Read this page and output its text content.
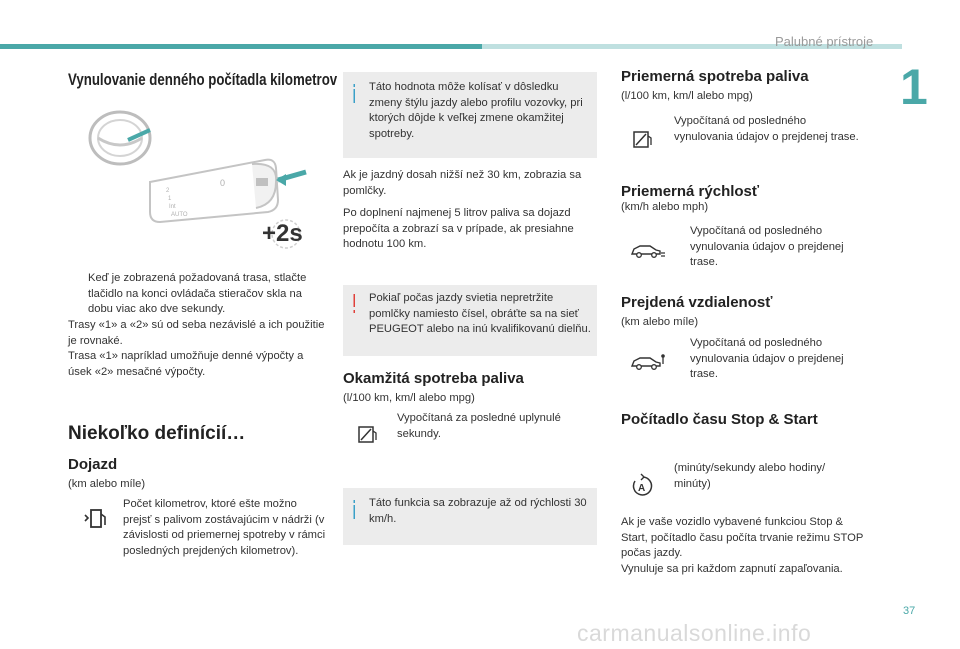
Palubné prístroje
1
Vynulovanie denného počítadla kilometrov
2
1
Int
AUTO
0
+2s
Keď je zobrazená požadovaná trasa, stlačte tlačidlo na konci ovládača stieračov skla na dobu viac ako dve sekundy.
Trasy «1» a «2» sú od seba nezávislé a ich použitie je rovnaké.
Trasa «1» napríklad umožňuje denné výpočty a úsek «2» mesačné výpočty.
Niekoľko definícií…
Dojazd
(km alebo míle)
Počet kilometrov, ktoré ešte možno prejsť s palivom zostávajúcim v nádrži (v závislosti od priemernej spotreby v rámci posledných prejdených kilometrov).
Táto hodnota môže kolísať v dôsledku zmeny štýlu jazdy alebo profilu vozovky, pri ktorých dôjde k veľkej zmene okamžitej spotreby.
Ak je jazdný dosah nižší než 30 km, zobrazia sa pomlčky.
Po doplnení najmenej 5 litrov paliva sa dojazd prepočíta a zobrazí sa v prípade, ak presiahne hodnotu 100 km.
Pokiaľ počas jazdy svietia nepretržite pomlčky namiesto čísel, obráťte sa na sieť PEUGEOT alebo na inú kvalifikovanú dielňu.
Okamžitá spotreba paliva
(l/100 km, km/l alebo mpg)
Vypočítaná za posledné uplynulé sekundy.
Táto funkcia sa zobrazuje až od rýchlosti 30 km/h.
Priemerná spotreba paliva
(l/100 km, km/l alebo mpg)
Vypočítaná od posledného vynulovania údajov o prejdenej trase.
Priemerná rýchlosť
(km/h alebo mph)
Vypočítaná od posledného vynulovania údajov o prejdenej trase.
Prejdená vzdialenosť
(km alebo míle)
Vypočítaná od posledného vynulovania údajov o prejdenej trase.
Počítadlo času Stop & Start
A
(minúty/sekundy alebo hodiny/ minúty)
Ak je vaše vozidlo vybavené funkciou Stop & Start, počítadlo času počíta trvanie režimu STOP počas jazdy.
Vynuluje sa pri každom zapnutí zapaľovania.
37
carmanualsonline.info
